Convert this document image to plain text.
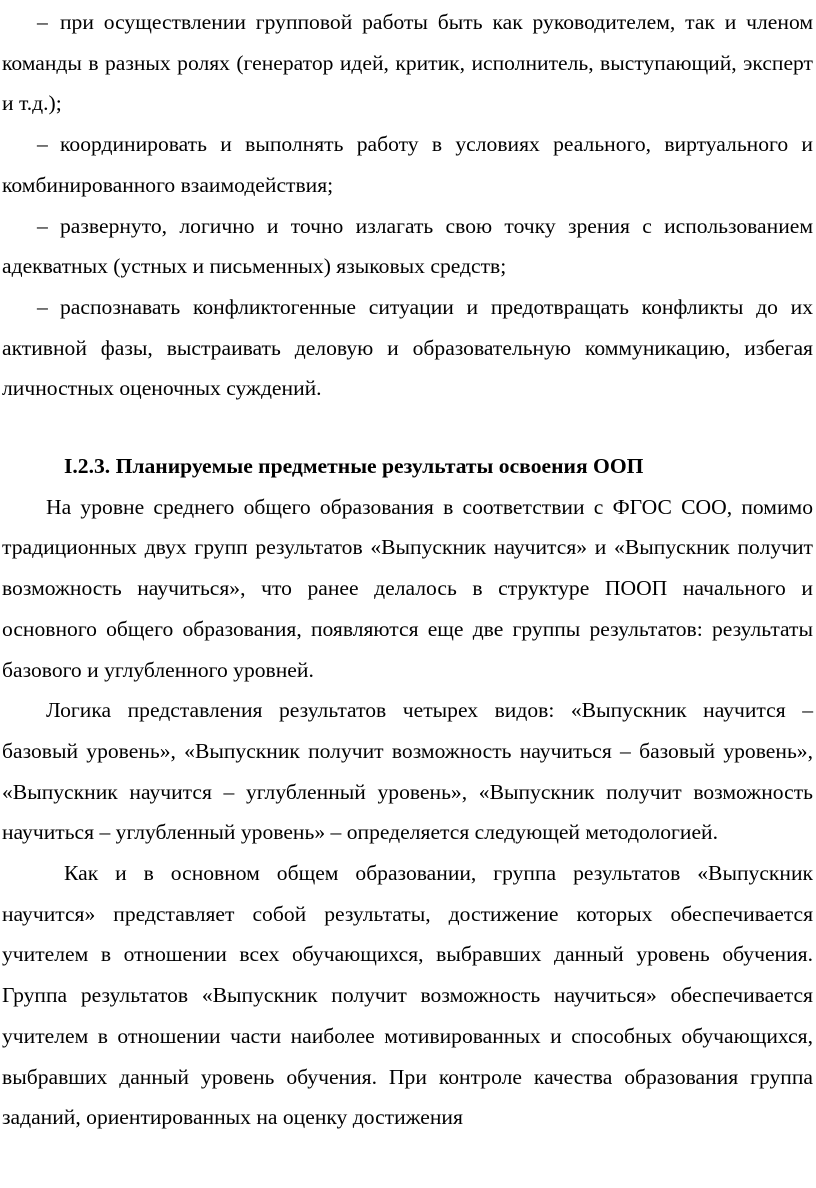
– при осуществлении групповой работы быть как руководителем, так и членом команды в разных ролях (генератор идей, критик, исполнитель, выступающий, эксперт и т.д.);

– координировать и выполнять работу в условиях реального, виртуального и комбинированного взаимодействия;

– развернуто, логично и точно излагать свою точку зрения с использованием адекватных (устных и письменных) языковых средств;

– распознавать конфликтогенные ситуации и предотвращать конфликты до их активной фазы, выстраивать деловую и образовательную коммуникацию, избегая личностных оценочных суждений.

I.2.3. Планируемые предметные результаты освоения ООП

На уровне среднего общего образования в соответствии с ФГОС СОО, помимо традиционных двух групп результатов «Выпускник научится» и «Выпускник получит возможность научиться», что ранее делалось в структуре ПООП начального и основного общего образования, появляются еще две группы результатов: результаты базового и углубленного уровней.

Логика представления результатов четырех видов: «Выпускник научится – базовый уровень», «Выпускник получит возможность научиться – базовый уровень», «Выпускник научится – углубленный уровень», «Выпускник получит возможность научиться – углубленный уровень» – определяется следующей методологией.

Как и в основном общем образовании, группа результатов «Выпускник научится» представляет собой результаты, достижение которых обеспечивается учителем в отношении всех обучающихся, выбравших данный уровень обучения. Группа результатов «Выпускник получит возможность научиться» обеспечивается учителем в отношении части наиболее мотивированных и способных обучающихся, выбравших данный уровень обучения. При контроле качества образования группа заданий, ориентированных на оценку достижения
